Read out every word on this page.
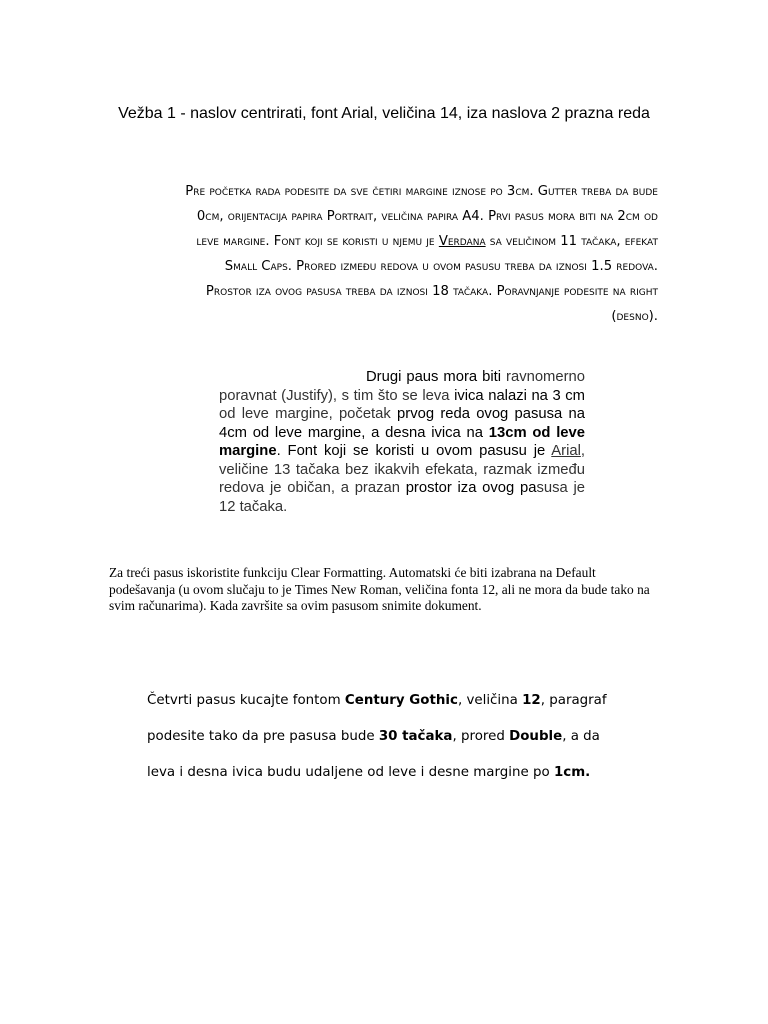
Vežba 1 - naslov centrirati, font Arial, veličina 14, iza naslova 2 prazna reda
Pre početka rada podesite da sve četiri margine iznose po 3cm. Gutter treba da bude 0cm, orijentacija papira Portrait, veličina papira A4. Prvi pasus mora biti na 2cm od leve margine. Font koji se koristi u njemu je Verdana sa veličinom 11 tačaka, efekat Small Caps. Prored između redova u ovom pasusu treba da iznosi 1.5 redova. Prostor iza ovog pasusa treba da iznosi 18 tačaka. Poravnjanje podesite na right (desno).
Drugi paus mora biti ravnomerno poravnat (Justify), s tim što se leva ivica nalazi na 3 cm od leve margine, početak prvog reda ovog pasusa na 4cm od leve margine, a desna ivica na 13cm od leve margine. Font koji se koristi u ovom pasusu je Arial, veličine 13 tačaka bez ikakvih efekata, razmak između redova je običan, a prazan prostor iza ovog pasusa je 12 tačaka.
Za treći pasus iskoristite funkciju Clear Formatting. Automatski će biti izabrana na Default podešavanja (u ovom slučaju to je Times New Roman, veličina fonta 12, ali ne mora da bude tako na svim računarima). Kada završite sa ovim pasusom snimite dokument.
Četvrti pasus kucajte fontom Century Gothic, veličina 12, paragraf podesite tako da pre pasusa bude 30 tačaka, prored Double, a da leva i desna ivica budu udaljene od leve i desne margine po 1cm.
